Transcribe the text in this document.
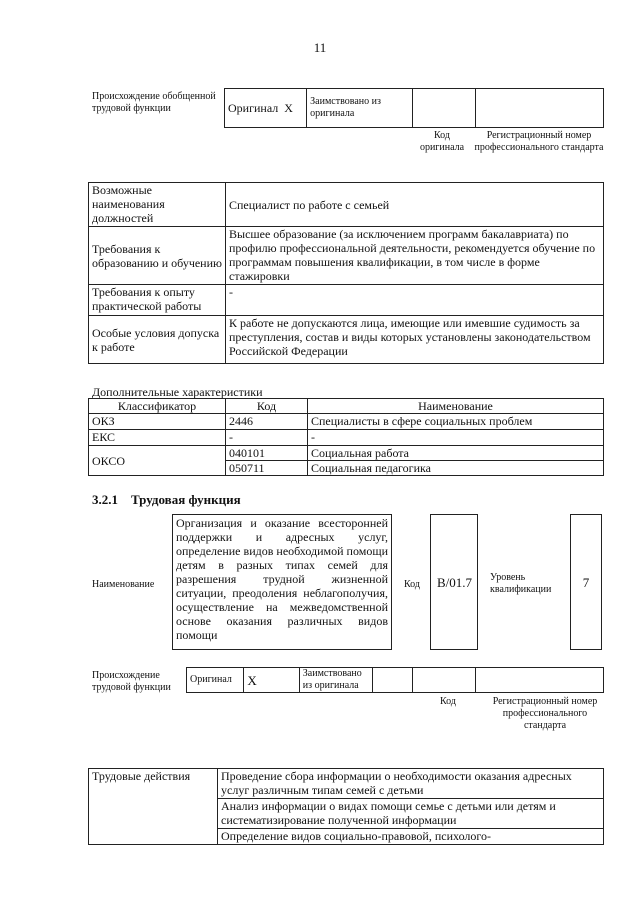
11
Происхождение обобщенной трудовой функции	Оригинал X	Заимствовано из оригинала		
Код оригинала
Регистрационный номер профессионального стандарта
Возможные наименования должностей	Специалист по работе с семьей
Требования к образованию и обучению	Высшее образование (за исключением программ бакалавриата) по профилю профессиональной деятельности, рекомендуется обучение по программам повышения квалификации, в том числе в форме стажировки
Требования к опыту практической работы	-
Особые условия допуска к работе	К работе не допускаются лица, имеющие или имевшие судимость за преступления, состав и виды которых установлены законодательством Российской Федерации
Дополнительные характеристики
Классификатор	Код	Наименование
ОКЗ	2446	Специалисты в сфере социальных проблем
ЕКС	-	-
ОКСО	040101	Социальная работа
	050711	Социальная педагогика
3.2.1 Трудовая функция
Наименование
Организация и оказание всесторонней поддержки и адресных услуг, определение видов необходимой помощи детям в разных типах семей для разрешения трудной жизненной ситуации, преодоления неблагополучия, осуществление на межведомственной основе оказания различных видов помощи
Код	В/01.7	Уровень квалификации	7
Происхождение трудовой функции
Оригинал	X	Заимствовано из оригинала			
Код	Регистрационный номер профессионального стандарта
Трудовые действия	Проведение сбора информации о необходимости оказания адресных услуг различным типам семей с детьми
Анализ информации о видах помощи семье с детьми или детям и систематизирование полученной информации
Определение видов социально-правовой, психолого-
